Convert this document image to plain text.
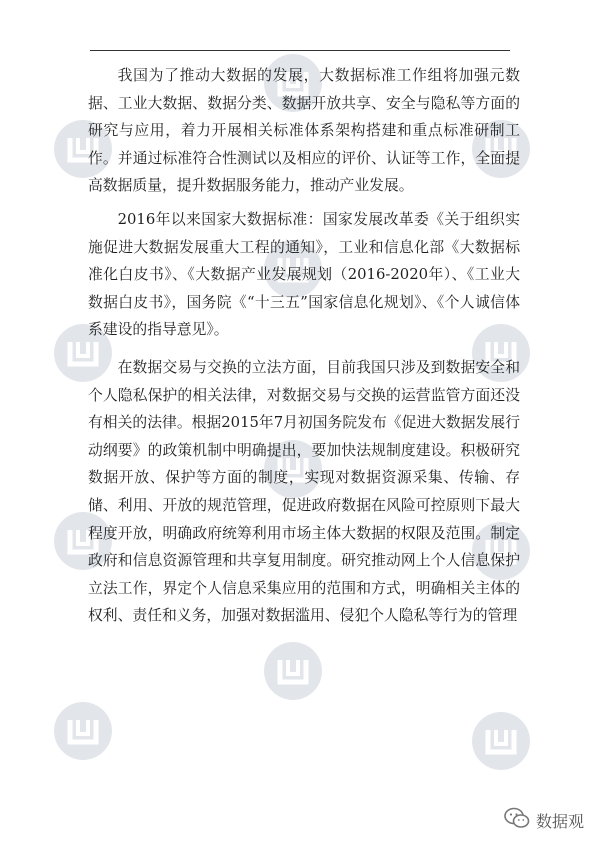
我国为了推动大数据的发展，大数据标准工作组将加强元数据、工业大数据、数据分类、数据开放共享、安全与隐私等方面的研究与应用，着力开展相关标准体系架构搭建和重点标准研制工作。并通过标准符合性测试以及相应的评价、认证等工作，全面提高数据质量，提升数据服务能力，推动产业发展。

2016年以来国家大数据标准：国家发展改革委《关于组织实施促进大数据发展重大工程的通知》，工业和信息化部《大数据标准化白皮书》、《大数据产业发展规划（2016-2020年）、《工业大数据白皮书》，国务院《“十三五”国家信息化规划》、《个人诚信体系建设的指导意见》。

在数据交易与交换的立法方面，目前我国只涉及到数据安全和个人隐私保护的相关法律，对数据交易与交换的运营监管方面还没有相关的法律。根据2015年7月初国务院发布《促进大数据发展行动纲要》的政策机制中明确提出，要加快法规制度建设。积极研究数据开放、保护等方面的制度，实现对数据资源采集、传输、存储、利用、开放的规范管理，促进政府数据在风险可控原则下最大程度开放，明确政府统筹利用市场主体大数据的权限及范围。制定政府和信息资源管理和共享复用制度。研究推动网上个人信息保护立法工作，界定个人信息采集应用的范围和方式，明确相关主体的权利、责任和义务，加强对数据滥用、侵犯个人隐私等行为的管理

数据观
